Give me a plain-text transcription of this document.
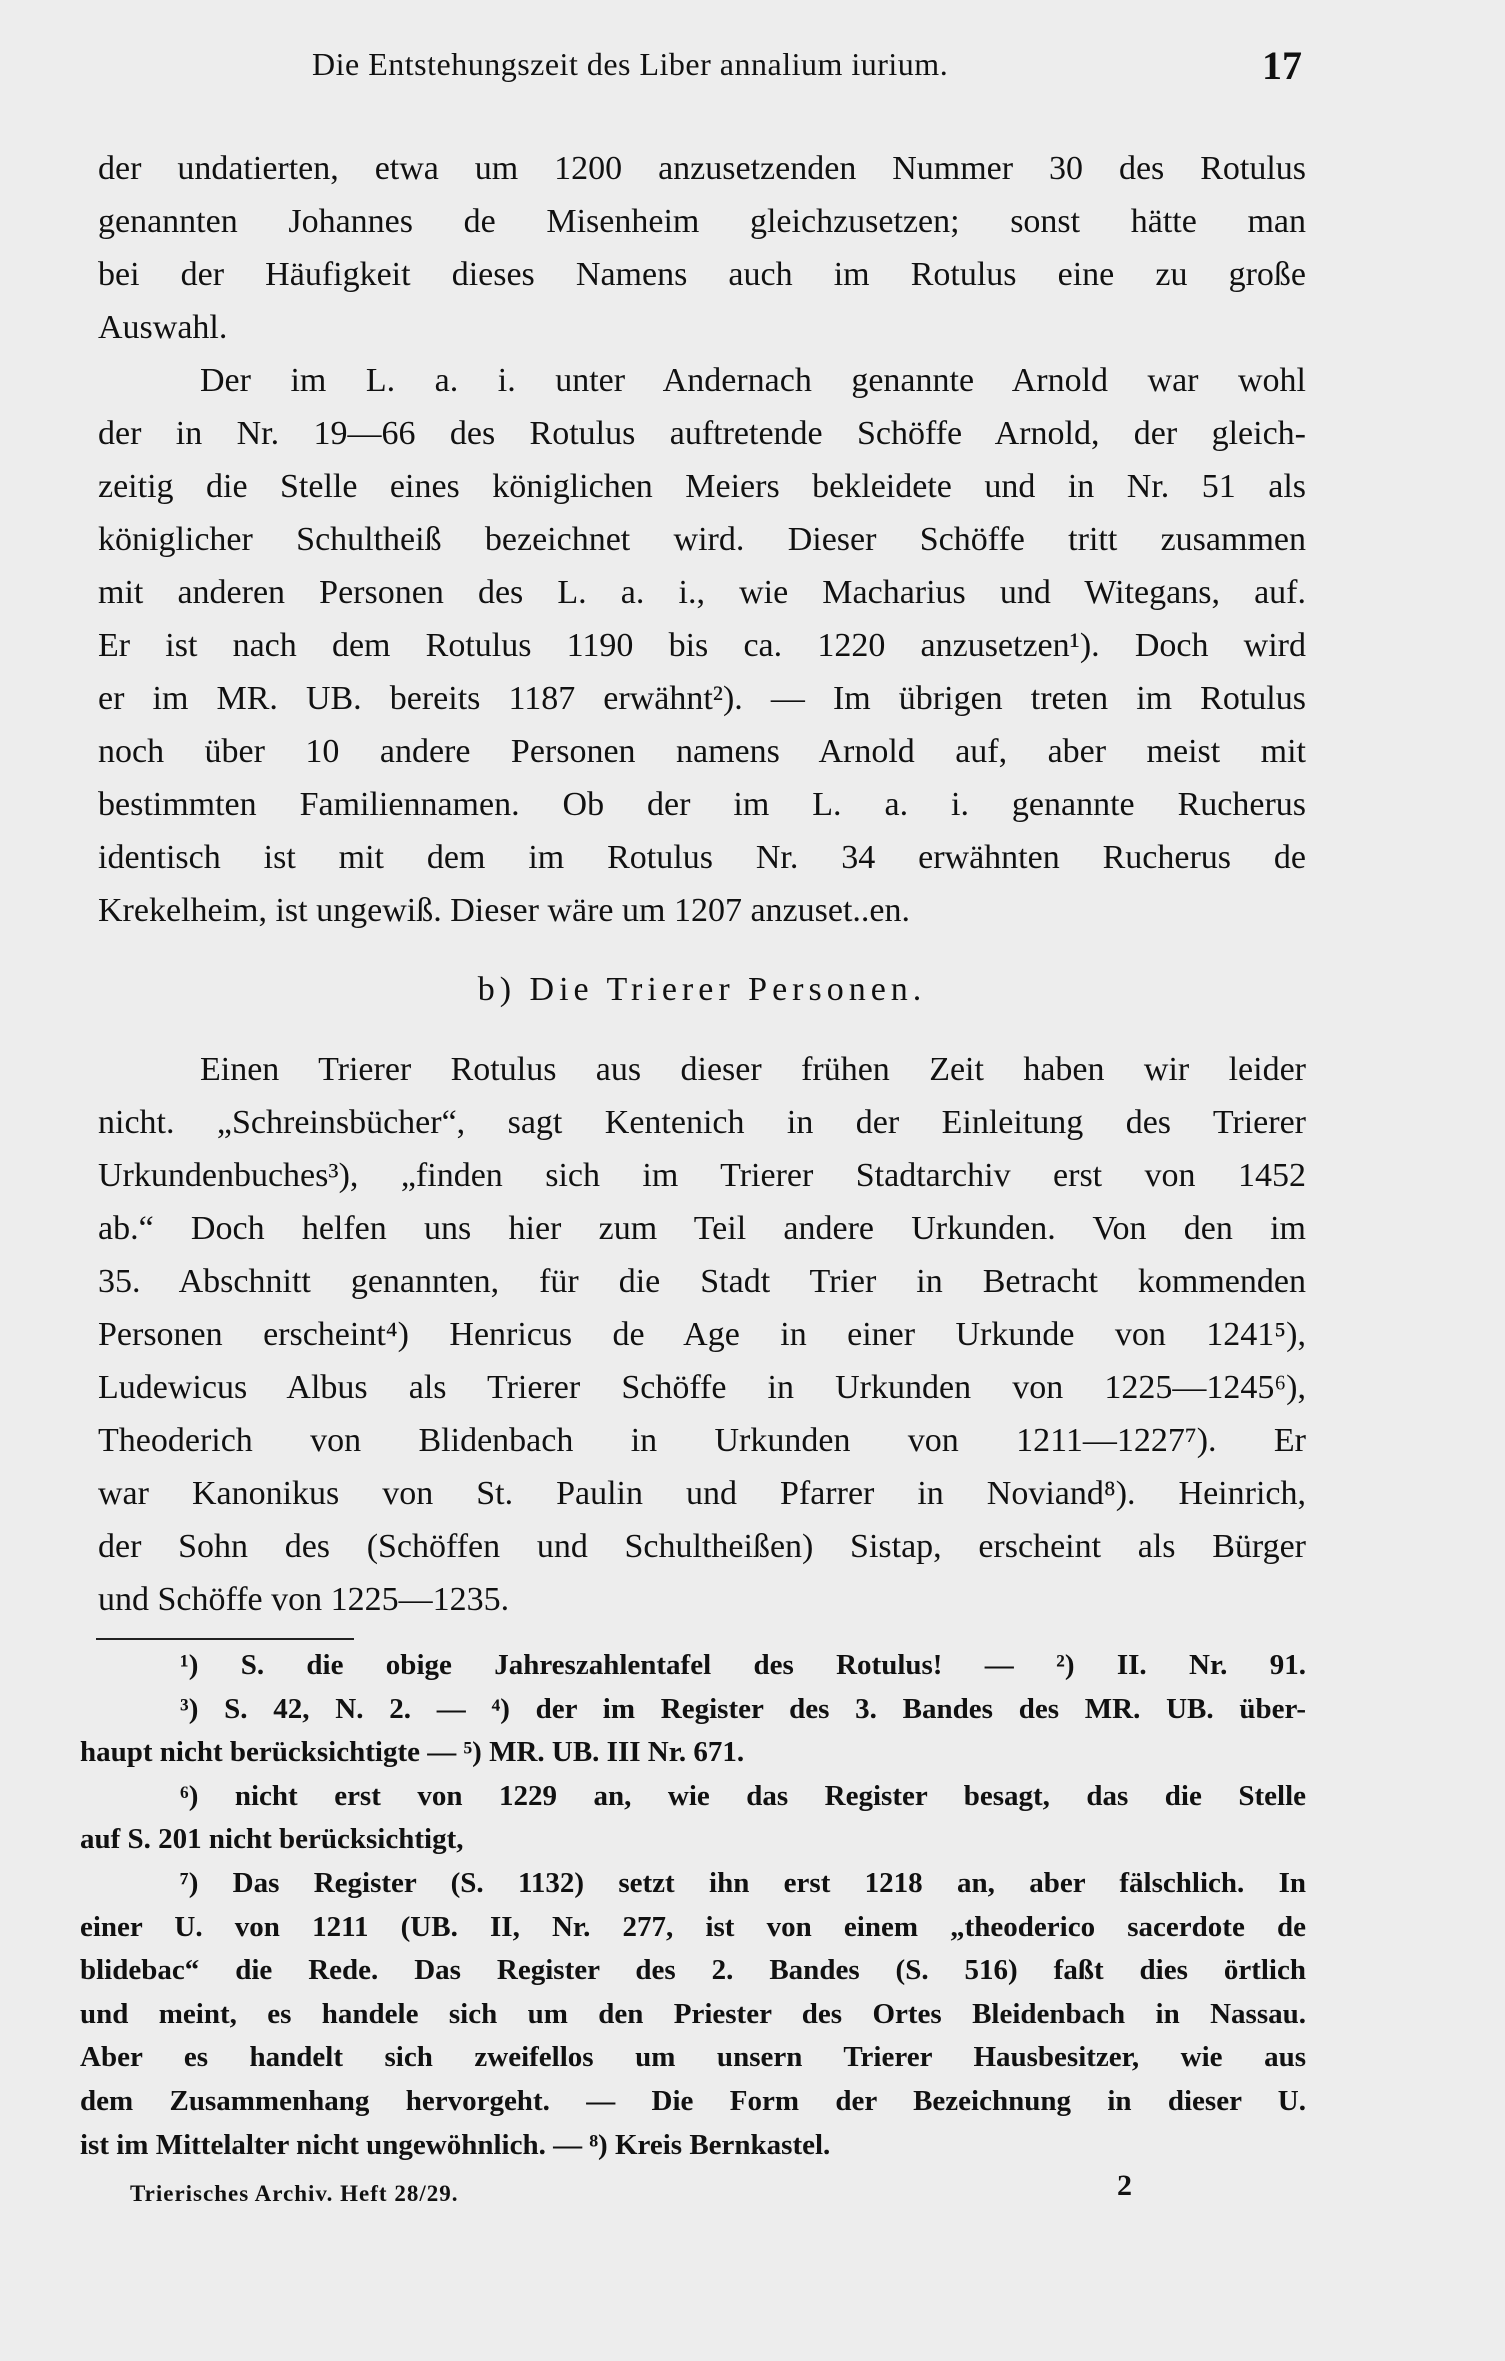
Die Entstehungszeit des Liber annalium iurium.	17
der undatierten, etwa um 1200 anzusetzenden Nummer 30 des Rotulus
genannten Johannes de Misenheim gleichzusetzen; sonst hätte man
bei der Häufigkeit dieses Namens auch im Rotulus eine zu große
Auswahl.
Der im L. a. i. unter Andernach genannte Arnold war wohl
der in Nr. 19—66 des Rotulus auftretende Schöffe Arnold, der gleich-
zeitig die Stelle eines königlichen Meiers bekleidete und in Nr. 51 als
königlicher Schultheiß bezeichnet wird. Dieser Schöffe tritt zusammen
mit anderen Personen des L. a. i., wie Macharius und Witegans, auf.
Er ist nach dem Rotulus 1190 bis ca. 1220 anzusetzen¹). Doch wird
er im MR. UB. bereits 1187 erwähnt²). — Im übrigen treten im Rotulus
noch über 10 andere Personen namens Arnold auf, aber meist mit
bestimmten Familiennamen. Ob der im L. a. i. genannte Rucherus
identisch ist mit dem im Rotulus Nr. 34 erwähnten Rucherus de
Krekelheim, ist ungewiß. Dieser wäre um 1207 anzuset..en.
b) Die Trierer Personen.
Einen Trierer Rotulus aus dieser frühen Zeit haben wir leider
nicht. „Schreinsbücher“, sagt Kentenich in der Einleitung des Trierer
Urkundenbuches³), „finden sich im Trierer Stadtarchiv erst von 1452
ab.“ Doch helfen uns hier zum Teil andere Urkunden. Von den im
35. Abschnitt genannten, für die Stadt Trier in Betracht kommenden
Personen erscheint⁴) Henricus de Age in einer Urkunde von 1241⁵),
Ludewicus Albus als Trierer Schöffe in Urkunden von 1225—1245⁶),
Theoderich von Blidenbach in Urkunden von 1211—1227⁷). Er
war Kanonikus von St. Paulin und Pfarrer in Noviand⁸). Heinrich,
der Sohn des (Schöffen und Schultheißen) Sistap, erscheint als Bürger
und Schöffe von 1225—1235.
¹) S. die obige Jahreszahlentafel des Rotulus! — ²) II. Nr. 91.
³) S. 42, N. 2. — ⁴) der im Register des 3. Bandes des MR. UB. über-
haupt nicht berücksichtigte — ⁵) MR. UB. III Nr. 671.
⁶) nicht erst von 1229 an, wie das Register besagt, das die Stelle
auf S. 201 nicht berücksichtigt,
⁷) Das Register (S. 1132) setzt ihn erst 1218 an, aber fälschlich. In
einer U. von 1211 (UB. II, Nr. 277, ist von einem „theoderico sacerdote de
blidebac“ die Rede. Das Register des 2. Bandes (S. 516) faßt dies örtlich
und meint, es handele sich um den Priester des Ortes Bleidenbach in Nassau.
Aber es handelt sich zweifellos um unsern Trierer Hausbesitzer, wie aus
dem Zusammenhang hervorgeht. — Die Form der Bezeichnung in dieser U.
ist im Mittelalter nicht ungewöhnlich. — ⁸) Kreis Bernkastel.
Trierisches Archiv. Heft 28/29.	2
